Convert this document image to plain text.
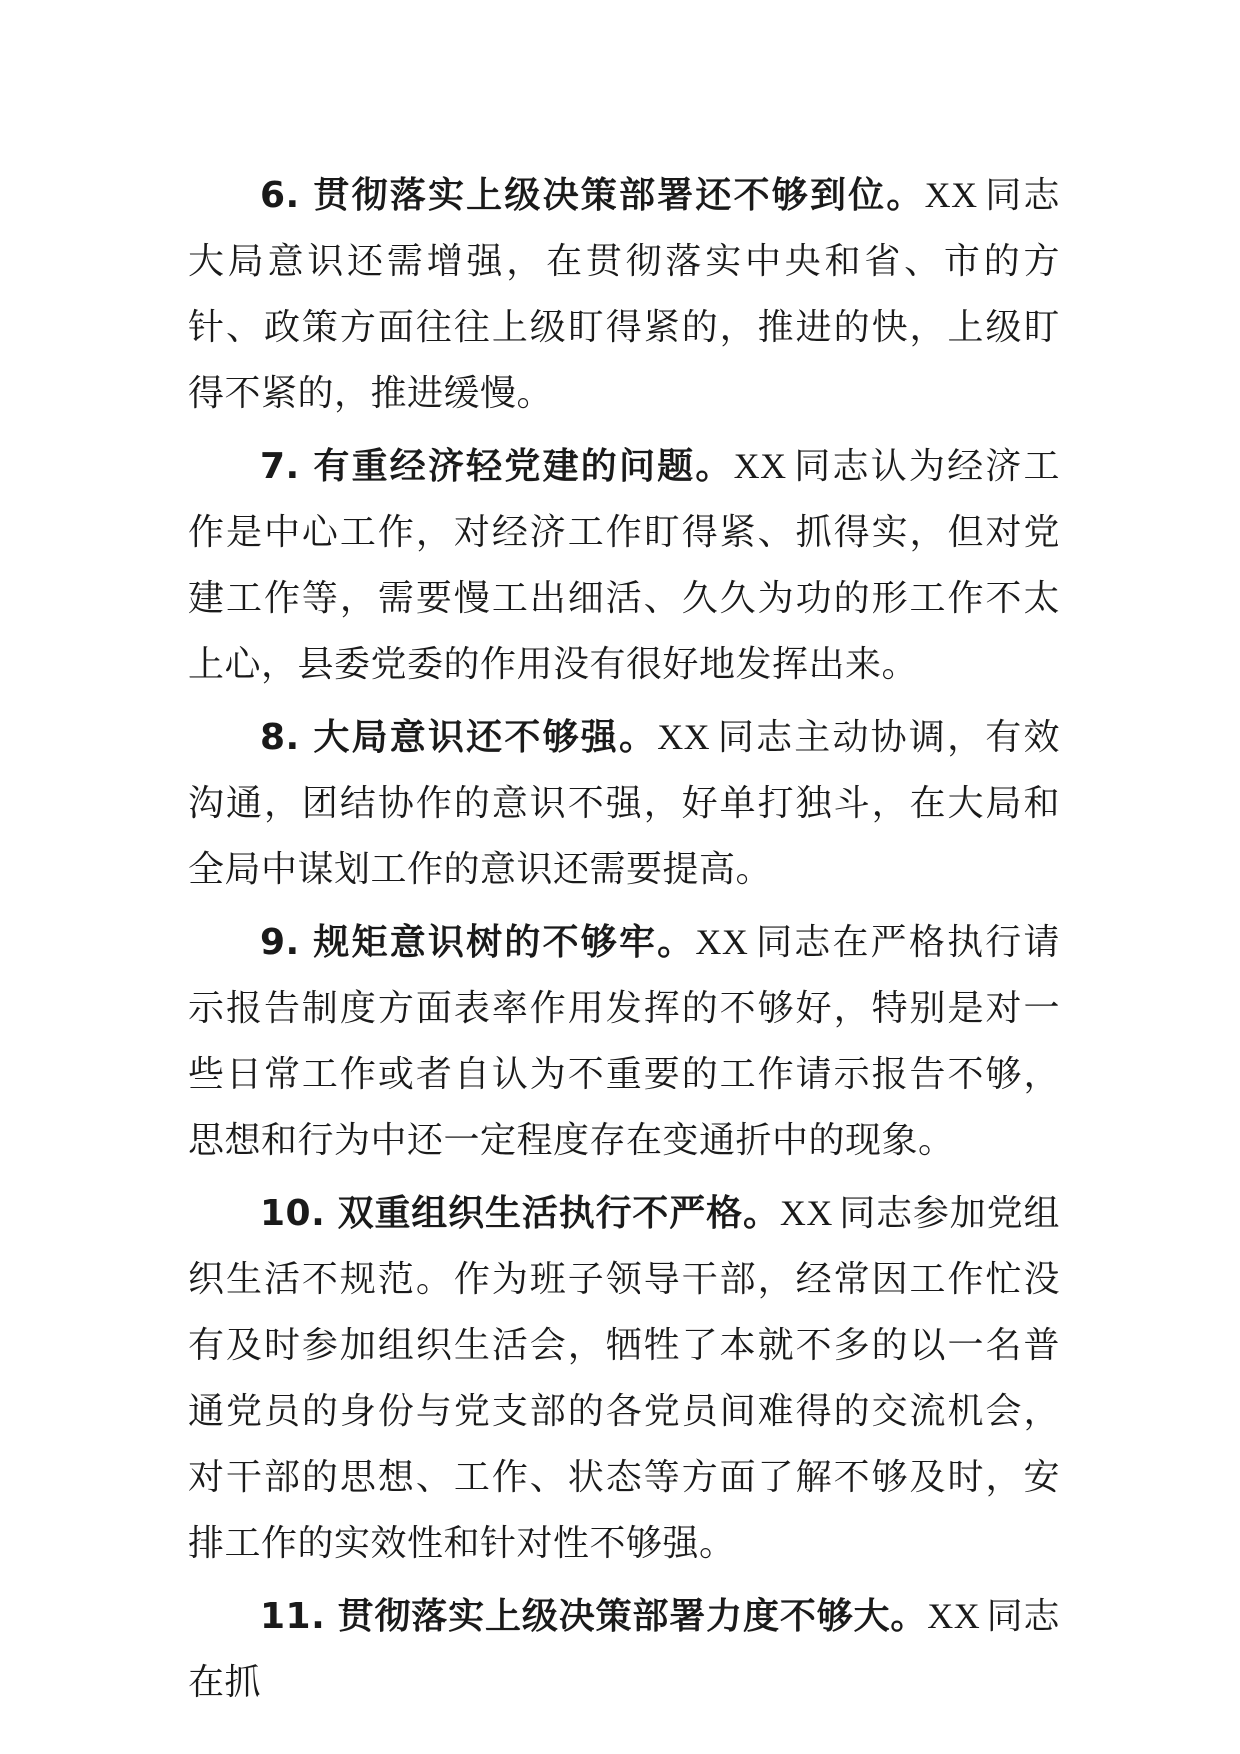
6. 贯彻落实上级决策部署还不够到位。XX 同志大局意识还需增强，在贯彻落实中央和省、市的方针、政策方面往往上级盯得紧的，推进的快，上级盯得不紧的，推进缓慢。

7. 有重经济轻党建的问题。XX 同志认为经济工作是中心工作，对经济工作盯得紧、抓得实，但对党建工作等，需要慢工出细活、久久为功的形工作不太上心，县委党委的作用没有很好地发挥出来。

8. 大局意识还不够强。XX 同志主动协调，有效沟通，团结协作的意识不强，好单打独斗，在大局和全局中谋划工作的意识还需要提高。

9. 规矩意识树的不够牢。XX 同志在严格执行请示报告制度方面表率作用发挥的不够好，特别是对一些日常工作或者自认为不重要的工作请示报告不够，思想和行为中还一定程度存在变通折中的现象。

10. 双重组织生活执行不严格。XX 同志参加党组织生活不规范。作为班子领导干部，经常因工作忙没有及时参加组织生活会，牺牲了本就不多的以一名普通党员的身份与党支部的各党员间难得的交流机会，对干部的思想、工作、状态等方面了解不够及时，安排工作的实效性和针对性不够强。

11. 贯彻落实上级决策部署力度不够大。XX 同志在抓
